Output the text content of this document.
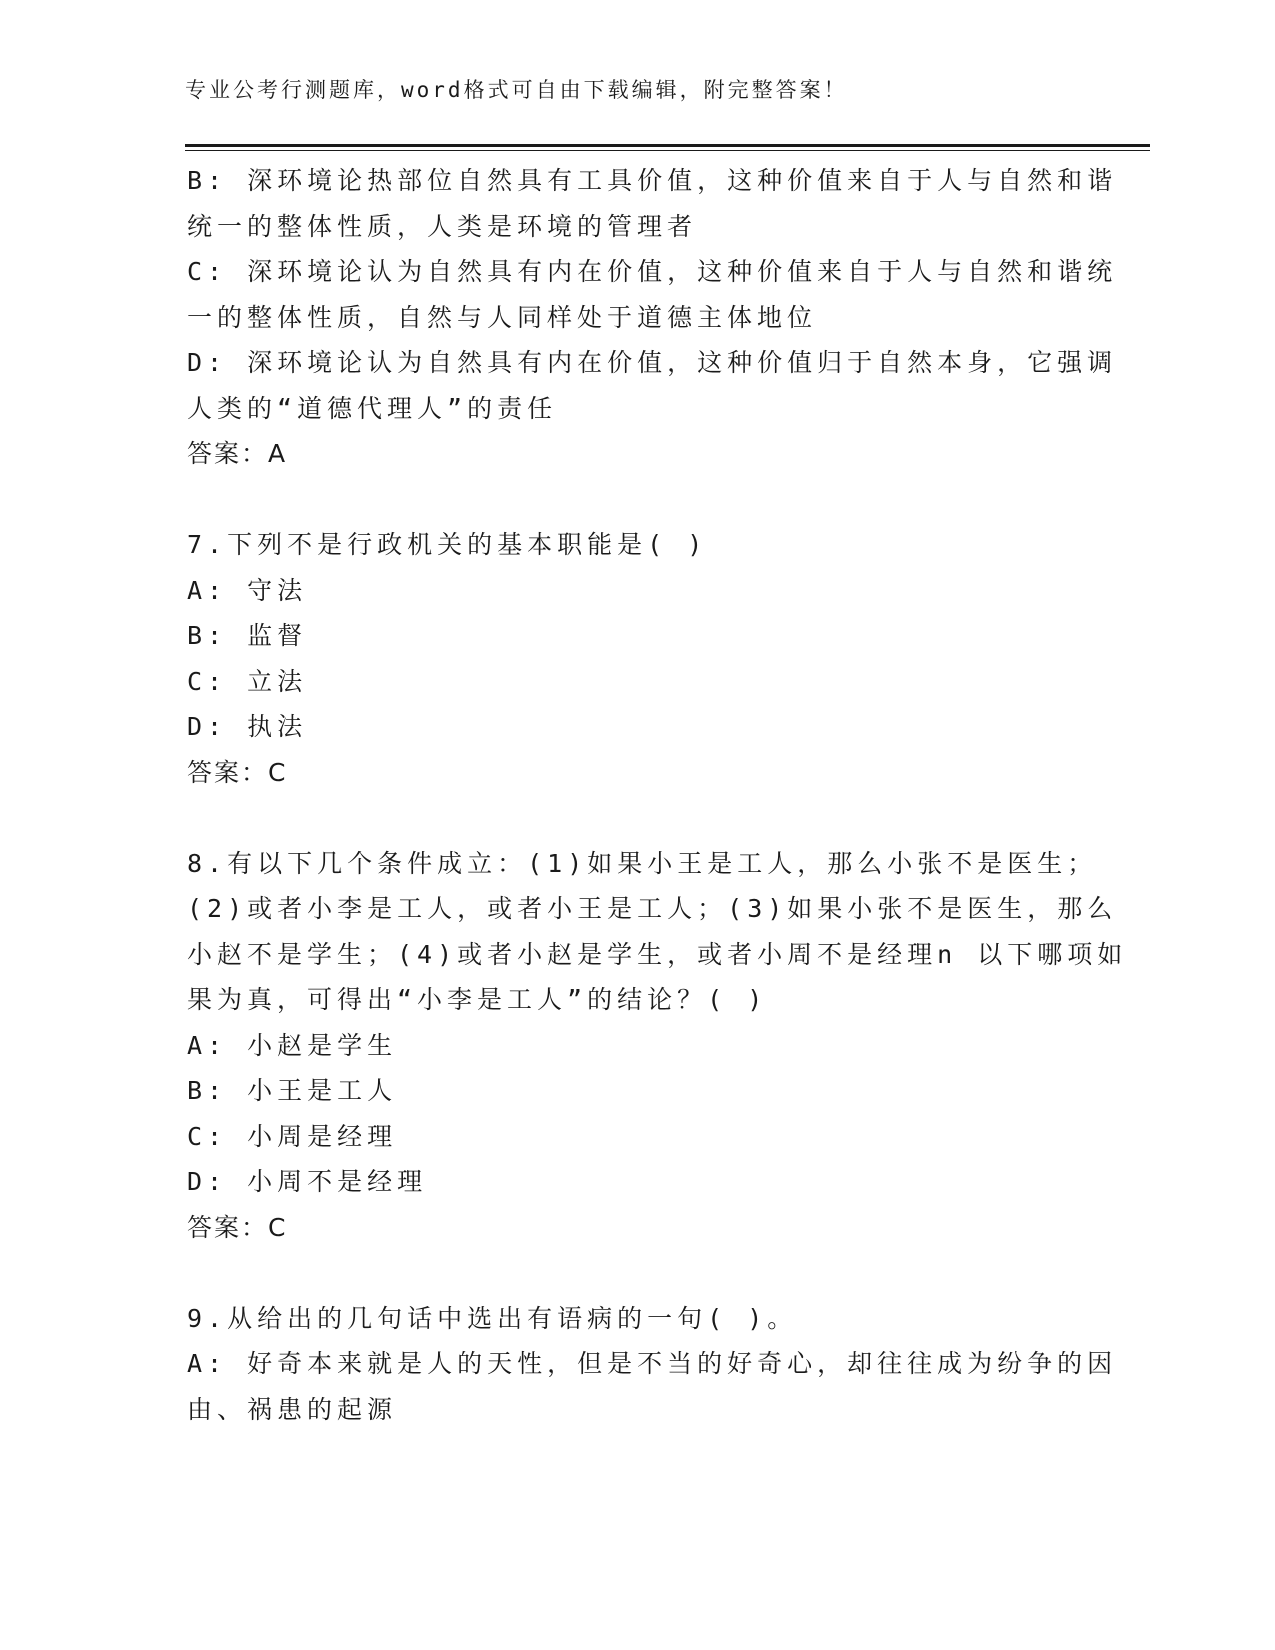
专业公考行测题库，word格式可自由下载编辑，附完整答案！
B: 深环境论热部位自然具有工具价值，这种价值来自于人与自然和谐
统一的整体性质，人类是环境的管理者
C: 深环境论认为自然具有内在价值，这种价值来自于人与自然和谐统
一的整体性质，自然与人同样处于道德主体地位
D: 深环境论认为自然具有内在价值，这种价值归于自然本身，它强调
人类的“道德代理人”的责任
答案：A
7.下列不是行政机关的基本职能是( )
A: 守法
B: 监督
C: 立法
D: 执法
答案：C
8.有以下几个条件成立：(1)如果小王是工人，那么小张不是医生；
(2)或者小李是工人，或者小王是工人；(3)如果小张不是医生，那么
小赵不是学生；(4)或者小赵是学生，或者小周不是经理n 以下哪项如
果为真，可得出“小李是工人”的结论？( )
A: 小赵是学生
B: 小王是工人
C: 小周是经理
D: 小周不是经理
答案：C
9.从给出的几句话中选出有语病的一句( )。
A: 好奇本来就是人的天性，但是不当的好奇心，却往往成为纷争的因
由、祸患的起源
